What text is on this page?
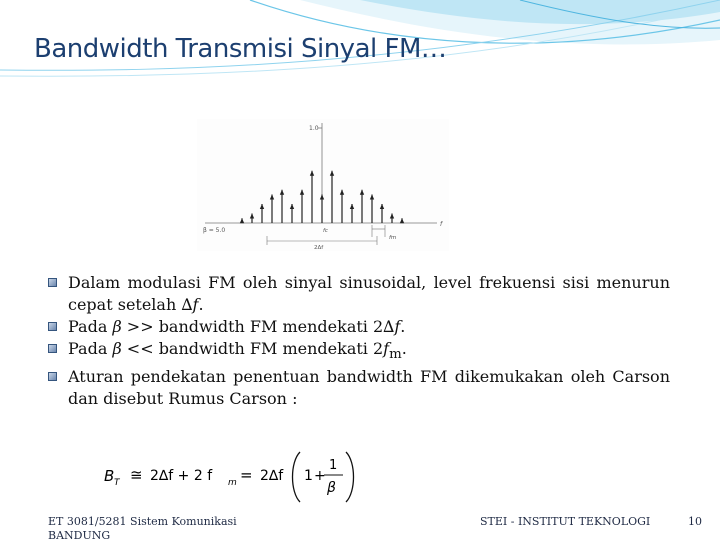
Bandwidth Transmisi Sinyal FM…
1.0
f
β = 5.0	fc
fm
2Δf
Dalam modulasi FM oleh sinyal sinusoidal, level frekuensi sisi menurun cepat setelah ∆f.
Pada β >> bandwidth FM mendekati 2∆f.
Pada β << bandwidth FM mendekati $2f_m$.
Aturan pendekatan penentuan bandwidth FM dikemukakan oleh Carson dan disebut Rumus Carson :
B T ≅ 2∆f + 2 f m = 2∆f 1 +
1
β
ET 3081/5281 Sistem Komunikasi BANDUNG
STEI - INSTITUT TEKNOLOGI	10
